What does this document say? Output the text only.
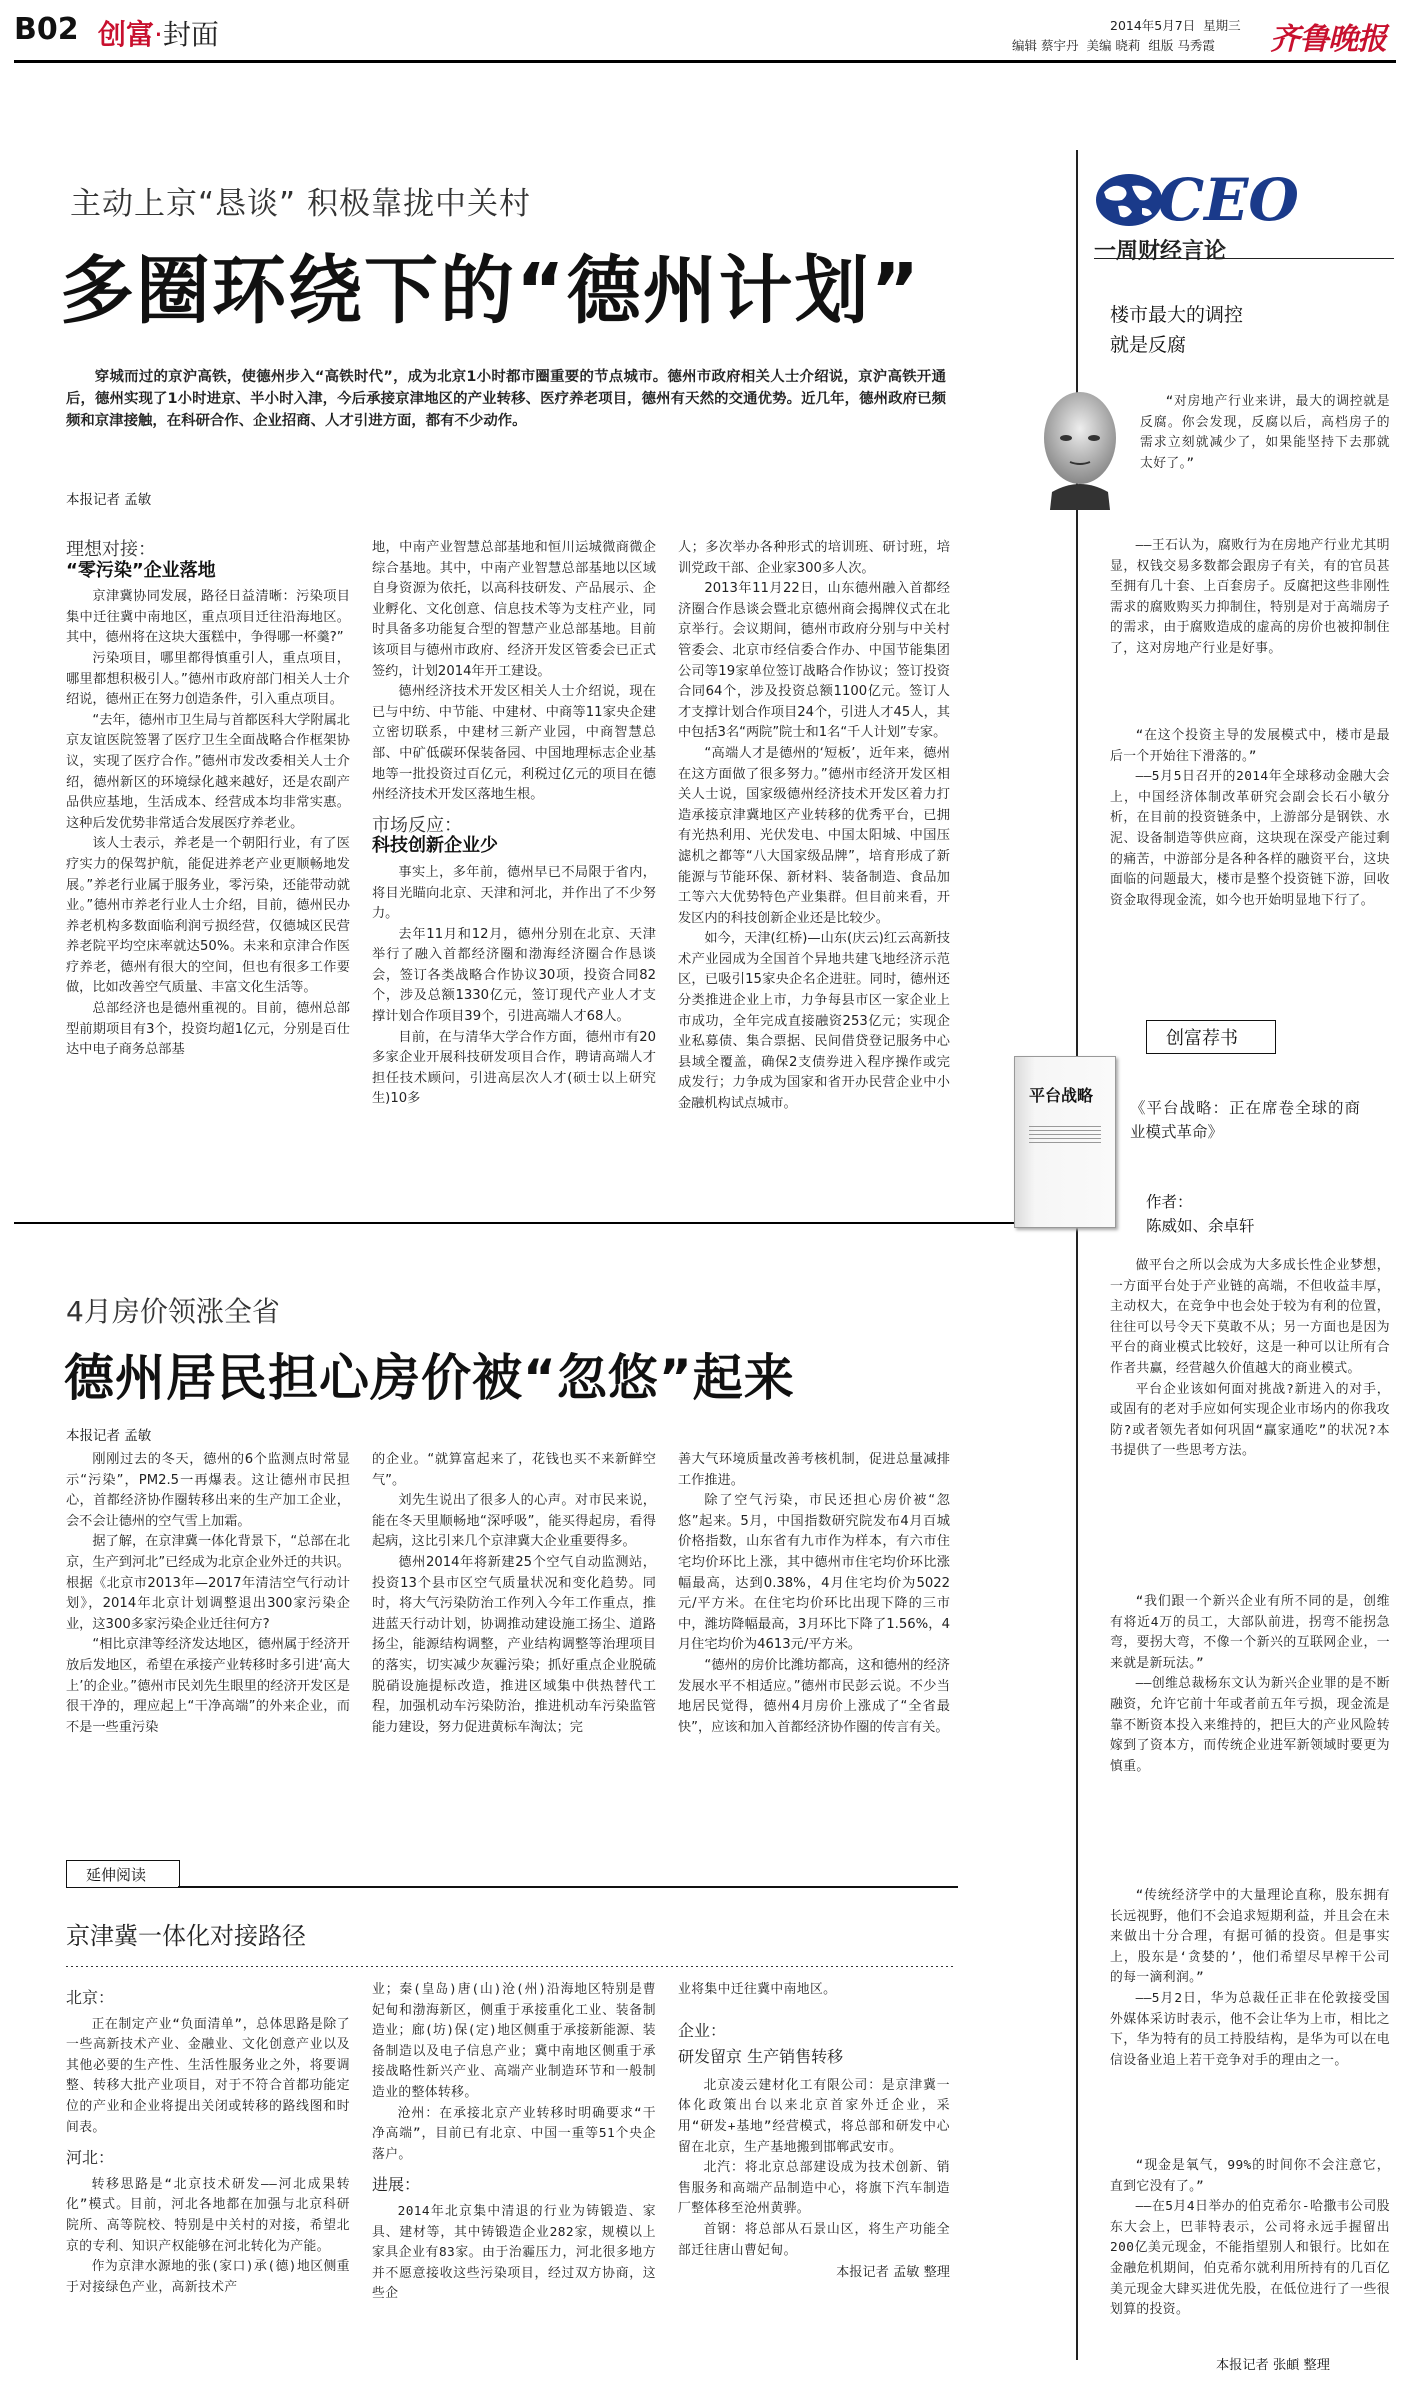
B02 创富·封面	2014年5月7日 星期三
编辑 蔡宇丹 美编 晓莉 组版 马秀霞 齐鲁晚报
主动上京“恳谈” 积极靠拢中关村
多圈环绕下的“德州计划”

穿城而过的京沪高铁，使德州步入“高铁时代”，成为北京1小时都市圈重要的节点城市。德州市政府相关人士介绍说，京沪高铁开通后，德州实现了1小时进京、半小时入津，今后承接京津地区的产业转移、医疗养老项目，德州有天然的交通优势。近几年，德州政府已频频和京津接触，在科研合作、企业招商、人才引进方面，都有不少动作。

本报记者 孟敏
理想对接：
“零污染”企业落地

京津冀协同发展，路径日益清晰：污染项目集中迁往冀中南地区，重点项目迁往沿海地区。其中，德州将在这块大蛋糕中，争得哪一杯羹?”

污染项目，哪里都得慎重引人，重点项目，哪里都想积极引人。”德州市政府部门相关人士介绍说，德州正在努力创造条件，引入重点项目。

“去年，德州市卫生局与首都医科大学附属北京友谊医院签署了医疗卫生全面战略合作框架协议，实现了医疗合作。”德州市发改委相关人士介绍，德州新区的环境绿化越来越好，还是农副产品供应基地，生活成本、经营成本均非常实惠。这种后发优势非常适合发展医疗养老业。

该人士表示，养老是一个朝阳行业，有了医疗实力的保驾护航，能促进养老产业更顺畅地发展。”养老行业属于服务业，零污染，还能带动就业。”德州市养老行业人士介绍，目前，德州民办养老机构多数面临利润亏损经营，仅德城区民营养老院平均空床率就达50%。未来和京津合作医疗养老，德州有很大的空间，但也有很多工作要做，比如改善空气质量、丰富文化生活等。

总部经济也是德州重视的。目前，德州总部型前期项目有3个，投资均超1亿元，分别是百仕达中电子商务总部基

地，中南产业智慧总部基地和恒川运城微商微企综合基地。其中，中南产业智慧总部基地以区域自身资源为依托，以高科技研发、产品展示、企业孵化、文化创意、信息技术等为支柱产业，同时具备多功能复合型的智慧产业总部基地。目前该项目与德州市政府、经济开发区管委会已正式签约，计划2014年开工建设。

德州经济技术开发区相关人士介绍说，现在已与中纺、中节能、中建材、中商等11家央企建立密切联系，中建材三新产业园，中商智慧总部、中矿低碳环保装备园、中国地理标志企业基地等一批投资过百亿元，利税过亿元的项目在德州经济技术开发区落地生根。

市场反应：
科技创新企业少

事实上，多年前，德州早已不局限于省内，将目光瞄向北京、天津和河北，并作出了不少努力。

去年11月和12月，德州分别在北京、天津举行了融入首都经济圈和渤海经济圈合作恳谈会，签订各类战略合作协议30项，投资合同82个，涉及总额1330亿元，签订现代产业人才支撑计划合作项目39个，引进高端人才68人。

目前，在与清华大学合作方面，德州市有20多家企业开展科技研发项目合作，聘请高端人才担任技术顾问，引进高层次人才(硕士以上研究生)10多

人；多次举办各种形式的培训班、研讨班，培训党政干部、企业家300多人次。

2013年11月22日，山东德州融入首都经济圈合作恳谈会暨北京德州商会揭牌仪式在北京举行。会议期间，德州市政府分别与中关村管委会、北京市经信委合作办、中国节能集团公司等19家单位签订战略合作协议；签订投资合同64个，涉及投资总额1100亿元。签订人才支撑计划合作项目24个，引进人才45人，其中包括3名“两院”院士和1名“千人计划”专家。

“高端人才是德州的‘短板’，近年来，德州在这方面做了很多努力。”德州市经济开发区相关人士说，国家级德州经济技术开发区着力打造承接京津冀地区产业转移的优秀平台，已拥有光热利用、光伏发电、中国太阳城、中国压滤机之都等“八大国家级品牌”，培育形成了新能源与节能环保、新材料、装备制造、食品加工等六大优势特色产业集群。但目前来看，开发区内的科技创新企业还是比较少。

如今，天津(红桥)—山东(庆云)红云高新技术产业园成为全国首个异地共建飞地经济示范区，已吸引15家央企名企进驻。同时，德州还分类推进企业上市，力争每县市区一家企业上市成功，全年完成直接融资253亿元；实现企业私募债、集合票据、民间借贷登记服务中心县域全覆盖，确保2支债券进入程序操作或完成发行；力争成为国家和省开办民营企业中小金融机构试点城市。

4月房价领涨全省
德州居民担心房价被“忽悠”起来
本报记者 孟敏

刚刚过去的冬天，德州的6个监测点时常显示“污染”，PM2.5一再爆表。这让德州市民担心，首都经济协作圈转移出来的生产加工企业，会不会让德州的空气雪上加霜。

据了解，在京津冀一体化背景下，“总部在北京，生产到河北”已经成为北京企业外迁的共识。根据《北京市2013年—2017年清洁空气行动计划》，2014年北京计划调整退出300家污染企业，这300多家污染企业迁往何方?

“相比京津等经济发达地区，德州属于经济开放后发地区，希望在承接产业转移时多引进‘高大上’的企业。”德州市民刘先生眼里的经济开发区是很干净的，理应起上“干净高端”的外来企业，而不是一些重污染

的企业。“就算富起来了，花钱也买不来新鲜空气”。

刘先生说出了很多人的心声。对市民来说，能在冬天里顺畅地“深呼吸”，能买得起房，看得起病，这比引来几个京津冀大企业重要得多。

德州2014年将新建25个空气自动监测站，投资13个县市区空气质量状况和变化趋势。同时，将大气污染防治工作列入今年工作重点，推进蓝天行动计划，协调推动建设施工扬尘、道路扬尘，能源结构调整，产业结构调整等治理项目的落实，切实减少灰霾污染；抓好重点企业脱硫脱硝设施提标改造，推进区域集中供热替代工程，加强机动车污染防治，推进机动车污染监管能力建设，努力促进黄标车淘汰；完

善大气环境质量改善考核机制，促进总量减排工作推进。

除了空气污染，市民还担心房价被“忽悠”起来。5月，中国指数研究院发布4月百城价格指数，山东省有九市作为样本，有六市住宅均价环比上涨，其中德州市住宅均价环比涨幅最高，达到0.38%，4月住宅均价为5022元/平方米。在住宅均价环比出现下降的三市中，潍坊降幅最高，3月环比下降了1.56%，4月住宅均价为4613元/平方米。

“德州的房价比潍坊都高，这和德州的经济发展水平不相适应。”德州市民彭云说。不少当地居民觉得，德州4月房价上涨成了“全省最快”，应该和加入首都经济协作圈的传言有关。

延伸阅读
京津冀一体化对接路径
北京：

正在制定产业“负面清单”，总体思路是除了一些高新技术产业、金融业、文化创意产业以及其他必要的生产性、生活性服务业之外，将要调整、转移大批产业项目，对于不符合首都功能定位的产业和企业将提出关闭或转移的路线图和时间表。

河北：

转移思路是“北京技术研发——河北成果转化”模式。目前，河北各地都在加强与北京科研院所、高等院校、特别是中关村的对接，希望北京的专利、知识产权能够在河北转化为产能。

作为京津水源地的张(家口)承(德)地区侧重于对接绿色产业，高新技术产

业；秦(皇岛)唐(山)沧(州)沿海地区特别是曹妃甸和渤海新区，侧重于承接重化工业、装备制造业；廊(坊)保(定)地区侧重于承接新能源、装备制造以及电子信息产业；冀中南地区侧重于承接战略性新兴产业、高端产业制造环节和一般制造业的整体转移。

沧州：在承接北京产业转移时明确要求“干净高端”，目前已有北京、中国一重等51个央企落户。

进展：

2014年北京集中清退的行业为铸锻造、家具、建材等，其中铸锻造企业282家，规模以上家具企业有83家。由于治霾压力，河北很多地方并不愿意接收这些污染项目，经过双方协商，这些企

业将集中迁往冀中南地区。

企业：
研发留京 生产销售转移

北京凌云建材化工有限公司：是京津冀一体化政策出台以来北京首家外迁企业，采用“研发+基地”经营模式，将总部和研发中心留在北京，生产基地搬到邯郸武安市。

北汽：将北京总部建设成为技术创新、销售服务和高端产品制造中心，将旗下汽车制造厂整体移至沧州黄骅。

首钢：将总部从石景山区，将生产功能全部迁往唐山曹妃甸。

本报记者 孟敏 整理
CEO
一周财经言论
楼市最大的调控
就是反腐

“对房地产行业来讲，最大的调控就是反腐。你会发现，反腐以后，高档房子的需求立刻就减少了，如果能坚持下去那就太好了。”

——王石认为，腐败行为在房地产行业尤其明显，权钱交易多数都会跟房子有关，有的官员甚至拥有几十套、上百套房子。反腐把这些非刚性需求的腐败购买力抑制住，特别是对于高端房子的需求，由于腐败造成的虚高的房价也被抑制住了，这对房地产行业是好事。

“在这个投资主导的发展模式中，楼市是最后一个开始往下滑落的。”

——5月5日召开的2014年全球移动金融大会上，中国经济体制改革研究会副会长石小敏分析，在目前的投资链条中，上游部分是钢铁、水泥、设备制造等供应商，这块现在深受产能过剩的痛苦，中游部分是各种各样的融资平台，这块面临的问题最大，楼市是整个投资链下游，回收资金取得现金流，如今也开始明显地下行了。

创富荐书
平台战略

《平台战略：正在席卷全球的商业模式革命》

作者：
陈威如、余卓轩

做平台之所以会成为大多成长性企业梦想，一方面平台处于产业链的高端，不但收益丰厚，主动权大，在竞争中也会处于较为有利的位置，往往可以号令天下莫敢不从；另一方面也是因为平台的商业模式比较好，这是一种可以让所有合作者共赢，经营越久价值越大的商业模式。

平台企业该如何面对挑战?新进入的对手，或固有的老对手应如何实现企业市场内的你我攻防?或者领先者如何巩固“赢家通吃”的状况?本书提供了一些思考方法。

“我们跟一个新兴企业有所不同的是，创维有将近4万的员工，大部队前进，拐弯不能拐急弯，要拐大弯，不像一个新兴的互联网企业，一来就是新玩法。”

——创维总裁杨东文认为新兴企业罪的是不断融资，允许它前十年或者前五年亏损，现金流是靠不断资本投入来维持的，把巨大的产业风险转嫁到了资本方，而传统企业进军新领域时要更为慎重。

“传统经济学中的大量理论直称，股东拥有长远视野，他们不会追求短期利益，并且会在未来做出十分合理，有据可循的投资。但是事实上，股东是‘贪婪的’，他们希望尽早榨干公司的每一滴利润。”

——5月2日，华为总裁任正非在伦敦接受国外媒体采访时表示，他不会让华为上市，相比之下，华为特有的员工持股结构，是华为可以在电信设备业追上若干竞争对手的理由之一。

“现金是氧气，99%的时间你不会注意它，直到它没有了。”

——在5月4日举办的伯克希尔-哈撒韦公司股东大会上，巴菲特表示，公司将永远手握留出200亿美元现金，不能指望别人和银行。比如在金融危机期间，伯克希尔就利用所持有的几百亿美元现金大肆买进优先股，在低位进行了一些很划算的投资。

本报记者 张頔 整理
